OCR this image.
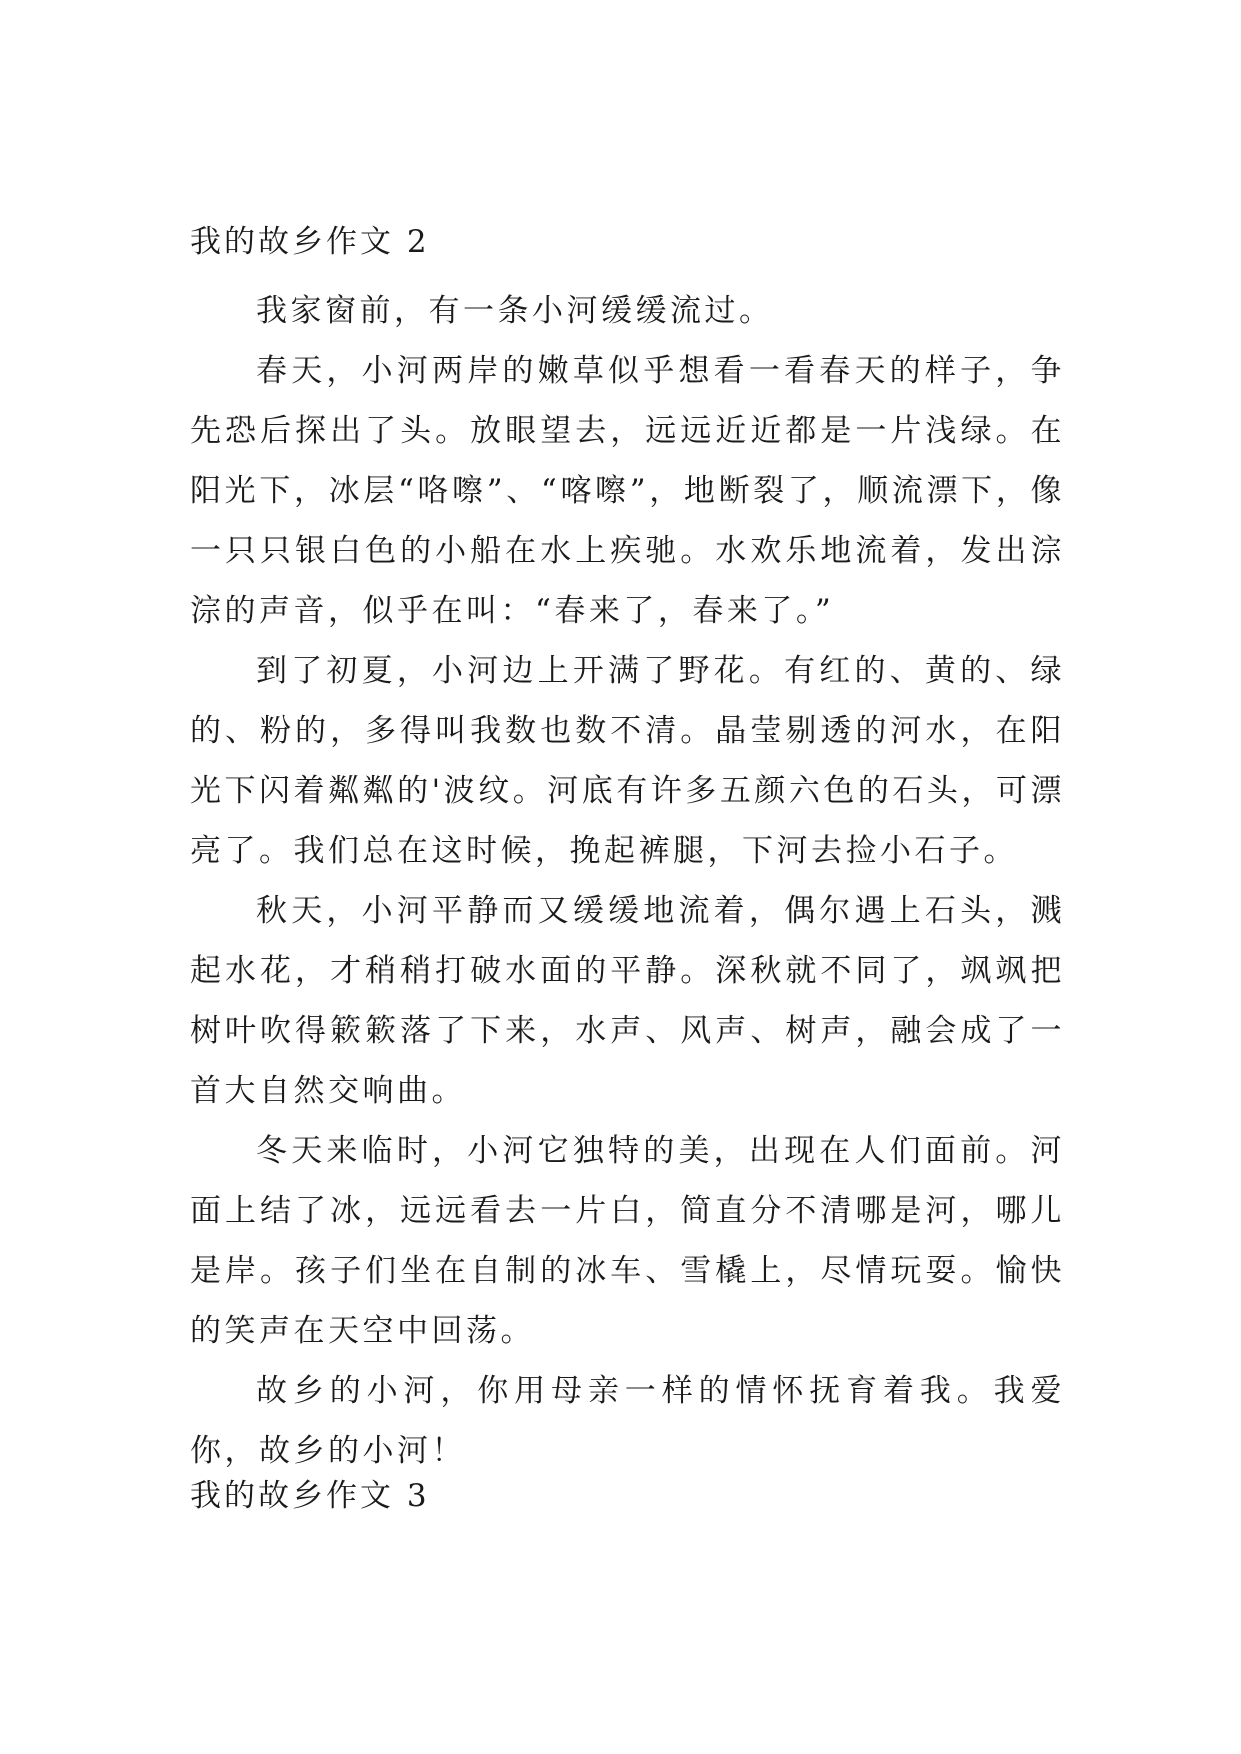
我的故乡作文 2

我家窗前，有一条小河缓缓流过。

春天，小河两岸的嫩草似乎想看一看春天的样子，争先恐后探出了头。放眼望去，远远近近都是一片浅绿。在阳光下，冰层“咯嚓”、“喀嚓”，地断裂了，顺流漂下，像一只只银白色的小船在水上疾驰。水欢乐地流着，发出淙淙的声音，似乎在叫：“春来了，春来了。”

到了初夏，小河边上开满了野花。有红的、黄的、绿的、粉的，多得叫我数也数不清。晶莹剔透的河水，在阳光下闪着粼粼的'波纹。河底有许多五颜六色的石头，可漂亮了。我们总在这时候，挽起裤腿，下河去捡小石子。

秋天，小河平静而又缓缓地流着，偶尔遇上石头，溅起水花，才稍稍打破水面的平静。深秋就不同了，飒飒把树叶吹得簌簌落了下来，水声、风声、树声，融会成了一首大自然交响曲。

冬天来临时，小河它独特的美，出现在人们面前。河面上结了冰，远远看去一片白，简直分不清哪是河，哪儿是岸。孩子们坐在自制的冰车、雪橇上，尽情玩耍。愉快的笑声在天空中回荡。

故乡的小河，你用母亲一样的情怀抚育着我。我爱你，故乡的小河！

我的故乡作文 3
